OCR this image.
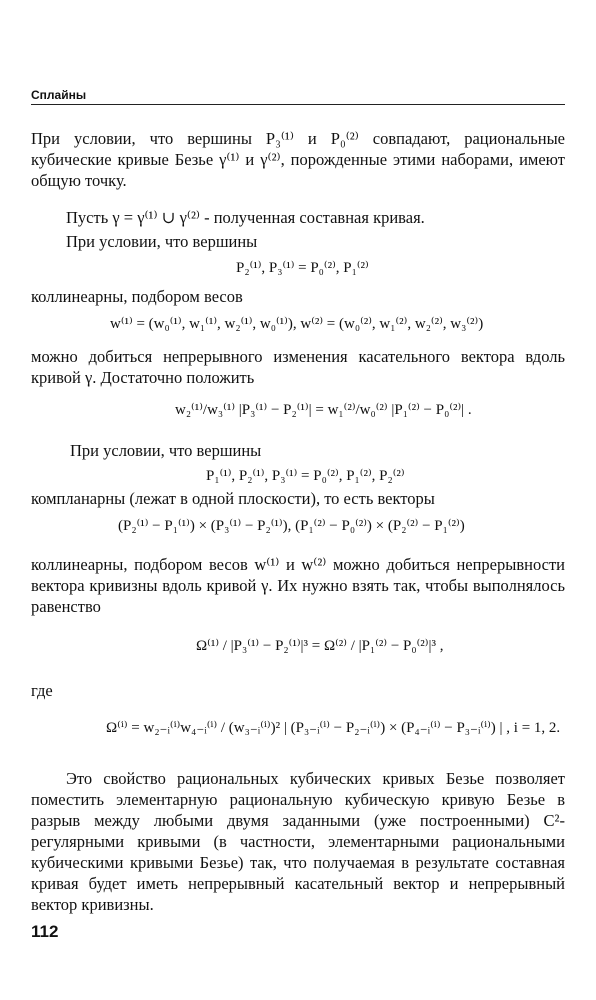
Сплайны
При условии, что вершины P₃⁽¹⁾ и P₀⁽²⁾ совпадают, рациональные кубические кривые Безье γ⁽¹⁾ и γ⁽²⁾, порожденные этими наборами, имеют общую точку.
Пусть γ = γ⁽¹⁾ ∪ γ⁽²⁾ - полученная составная кривая.
При условии, что вершины
P₂⁽¹⁾, P₃⁽¹⁾ = P₀⁽²⁾, P₁⁽²⁾
коллинеарны, подбором весов
w⁽¹⁾ = (w₀⁽¹⁾, w₁⁽¹⁾, w₂⁽¹⁾, w₀⁽¹⁾), w⁽²⁾ = (w₀⁽²⁾, w₁⁽²⁾, w₂⁽²⁾, w₃⁽²⁾)
можно добиться непрерывного изменения касательного вектора вдоль кривой γ. Достаточно положить
w₂⁽¹⁾/w₃⁽¹⁾ |P₃⁽¹⁾ − P₂⁽¹⁾| = w₁⁽²⁾/w₀⁽²⁾ |P₁⁽²⁾ − P₀⁽²⁾| .
При условии, что вершины
P₁⁽¹⁾, P₂⁽¹⁾, P₃⁽¹⁾ = P₀⁽²⁾, P₁⁽²⁾, P₂⁽²⁾
компланарны (лежат в одной плоскости), то есть векторы
(P₂⁽¹⁾ − P₁⁽¹⁾) × (P₃⁽¹⁾ − P₂⁽¹⁾), (P₁⁽²⁾ − P₀⁽²⁾) × (P₂⁽²⁾ − P₁⁽²⁾)
коллинеарны, подбором весов w⁽¹⁾ и w⁽²⁾ можно добиться непрерывности вектора кривизны вдоль кривой γ. Их нужно взять так, чтобы выполнялось равенство
Ω⁽¹⁾ / |P₃⁽¹⁾ − P₂⁽¹⁾|³ = Ω⁽²⁾ / |P₁⁽²⁾ − P₀⁽²⁾|³ ,
где
Ω⁽ⁱ⁾ = w₂₋ᵢ⁽ⁱ⁾w₄₋ᵢ⁽ⁱ⁾ / (w₃₋ᵢ⁽ⁱ⁾)² | (P₃₋ᵢ⁽ⁱ⁾ − P₂₋ᵢ⁽ⁱ⁾) × (P₄₋ᵢ⁽ⁱ⁾ − P₃₋ᵢ⁽ⁱ⁾) | , i = 1, 2.
Это свойство рациональных кубических кривых Безье позволяет поместить элементарную рациональную кубическую кривую Безье в разрыв между любыми двумя заданными (уже построенными) C²-регулярными кривыми (в частности, элементарными рациональными кубическими кривыми Безье) так, что получаемая в результате составная кривая будет иметь непрерывный касательный вектор и непрерывный вектор кривизны.
112
